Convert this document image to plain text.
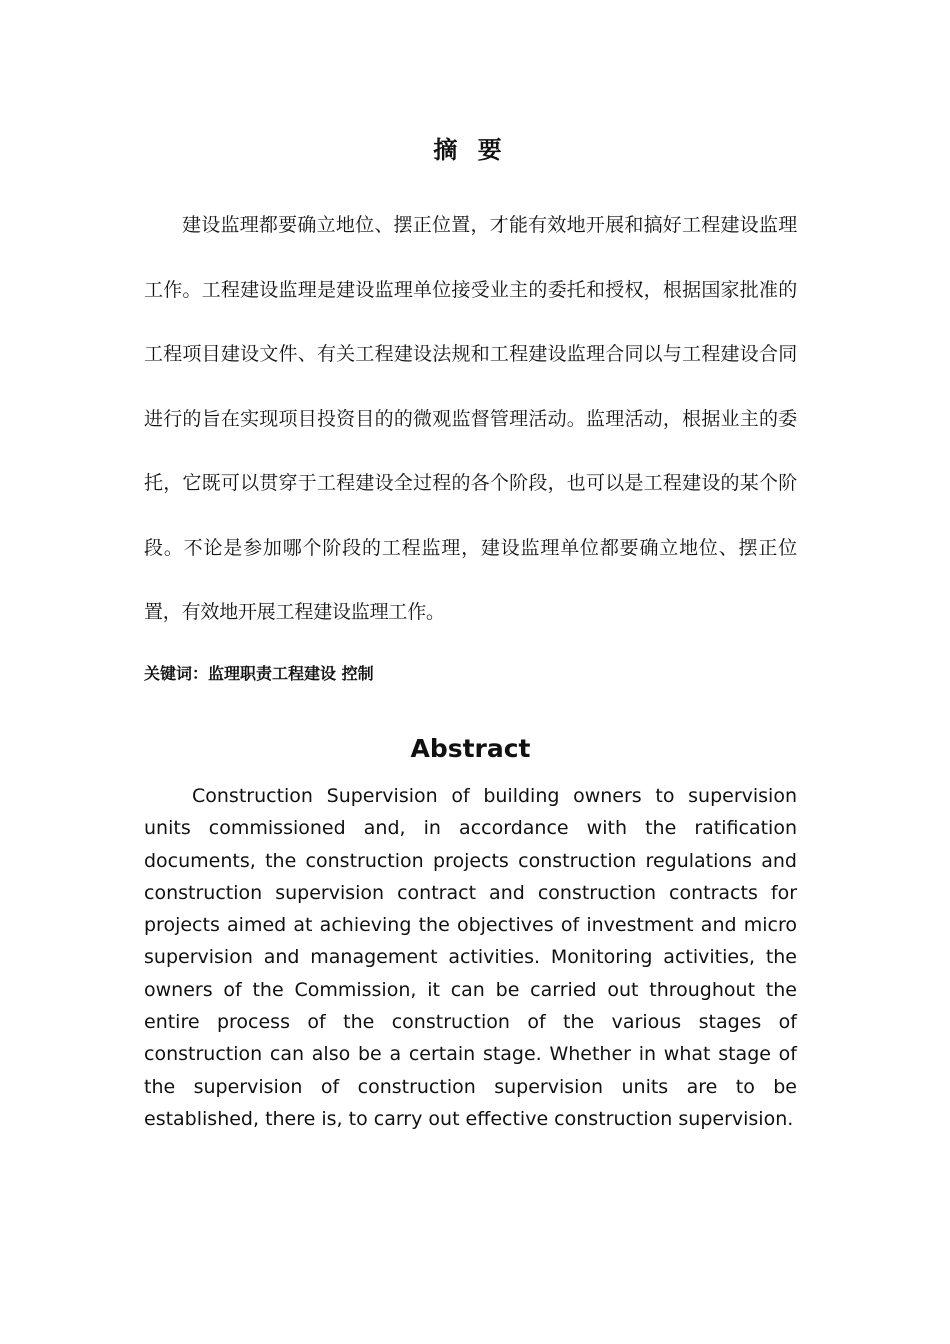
摘 要

建设监理都要确立地位、摆正位置，才能有效地开展和搞好工程建设监理工作。工程建设监理是建设监理单位接受业主的委托和授权，根据国家批准的工程项目建设文件、有关工程建设法规和工程建设监理合同以与工程建设合同进行的旨在实现项目投资目的的微观监督管理活动。监理活动，根据业主的委托，它既可以贯穿于工程建设全过程的各个阶段，也可以是工程建设的某个阶段。不论是参加哪个阶段的工程监理，建设监理单位都要确立地位、摆正位置，有效地开展工程建设监理工作。

关键词：监理职责工程建设 控制
Abstract

Construction Supervision of building owners to supervision units commissioned and, in accordance with the ratification documents, the construction projects construction regulations and construction supervision contract and construction contracts for projects aimed at achieving the objectives of investment and micro supervision and management activities. Monitoring activities, the owners of the Commission, it can be carried out throughout the entire process of the construction of the various stages of construction can also be a certain stage. Whether in what stage of the supervision of construction supervision units are to be established, there is, to carry out effective construction supervision.
